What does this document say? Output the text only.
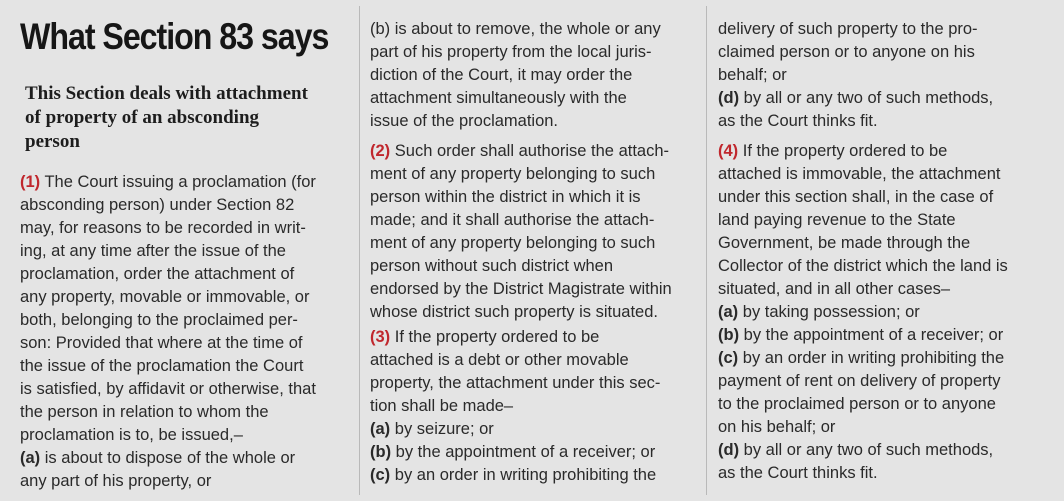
What Section 83 says
This Section deals with attachment of property of an absconding person
(1) The Court issuing a proclamation (for
absconding person) under Section 82
may, for reasons to be recorded in writ-
ing, at any time after the issue of the
proclamation, order the attachment of
any property, movable or immovable, or
both, belonging to the proclaimed per-
son: Provided that where at the time of
the issue of the proclamation the Court
is satisfied, by affidavit or otherwise, that
the person in relation to whom the
proclamation is to, be issued,–
(a) is about to dispose of the whole or
any part of his property, or
(b) is about to remove, the whole or any
part of his property from the local juris-
diction of the Court, it may order the
attachment simultaneously with the
issue of the proclamation.
(2) Such order shall authorise the attach-
ment of any property belonging to such
person within the district in which it is
made; and it shall authorise the attach-
ment of any property belonging to such
person without such district when
endorsed by the District Magistrate within
whose district such property is situated.
(3) If the property ordered to be
attached is a debt or other movable
property, the attachment under this sec-
tion shall be made–
(a) by seizure; or
(b) by the appointment of a receiver; or
(c) by an order in writing prohibiting the
delivery of such property to the pro-
claimed person or to anyone on his
behalf; or
(d) by all or any two of such methods,
as the Court thinks fit.
(4) If the property ordered to be
attached is immovable, the attachment
under this section shall, in the case of
land paying revenue to the State
Government, be made through the
Collector of the district which the land is
situated, and in all other cases–
(a) by taking possession; or
(b) by the appointment of a receiver; or
(c) by an order in writing prohibiting the
payment of rent on delivery of property
to the proclaimed person or to anyone
on his behalf; or
(d) by all or any two of such methods,
as the Court thinks fit.
